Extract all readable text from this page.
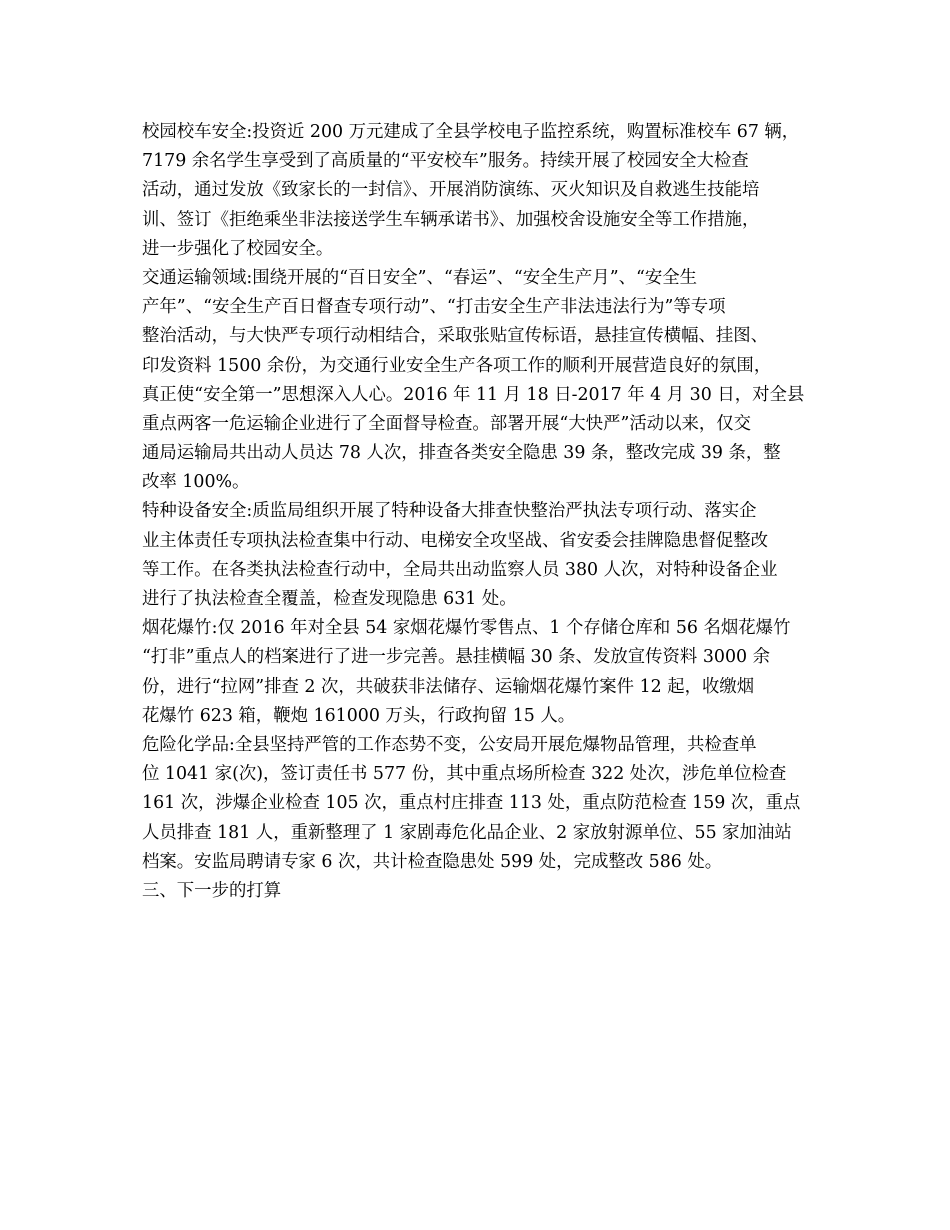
校园校车安全:投资近 200 万元建成了全县学校电子监控系统，购置标准校车 67 辆，
7179 余名学生享受到了高质量的“平安校车”服务。持续开展了校园安全大检查
活动，通过发放《致家长的一封信》、开展消防演练、灭火知识及自救逃生技能培
训、签订《拒绝乘坐非法接送学生车辆承诺书》、加强校舍设施安全等工作措施，
进一步强化了校园安全。
交通运输领域:围绕开展的“百日安全”、“春运”、“安全生产月”、“安全生
产年”、“安全生产百日督查专项行动”、“打击安全生产非法违法行为”等专项
整治活动，与大快严专项行动相结合，采取张贴宣传标语，悬挂宣传横幅、挂图、
印发资料 1500 余份，为交通行业安全生产各项工作的顺利开展营造良好的氛围，
真正使“安全第一”思想深入人心。2016 年 11 月 18 日-2017 年 4 月 30 日，对全县
重点两客一危运输企业进行了全面督导检查。部署开展“大快严”活动以来，仅交
通局运输局共出动人员达 78 人次，排查各类安全隐患 39 条，整改完成 39 条，整
改率 100%。
特种设备安全:质监局组织开展了特种设备大排查快整治严执法专项行动、落实企
业主体责任专项执法检查集中行动、电梯安全攻坚战、省安委会挂牌隐患督促整改
等工作。在各类执法检查行动中，全局共出动监察人员 380 人次，对特种设备企业
进行了执法检查全覆盖，检查发现隐患 631 处。
烟花爆竹:仅 2016 年对全县 54 家烟花爆竹零售点、1 个存储仓库和 56 名烟花爆竹
“打非”重点人的档案进行了进一步完善。悬挂横幅 30 条、发放宣传资料 3000 余
份，进行“拉网”排查 2 次，共破获非法储存、运输烟花爆竹案件 12 起，收缴烟
花爆竹 623 箱，鞭炮 161000 万头，行政拘留 15 人。
危险化学品:全县坚持严管的工作态势不变，公安局开展危爆物品管理，共检查单
位 1041 家(次)，签订责任书 577 份，其中重点场所检查 322 处次，涉危单位检查
161 次，涉爆企业检查 105 次，重点村庄排查 113 处，重点防范检查 159 次，重点
人员排查 181 人，重新整理了 1 家剧毒危化品企业、2 家放射源单位、55 家加油站
档案。安监局聘请专家 6 次，共计检查隐患处 599 处，完成整改 586 处。
三、下一步的打算
